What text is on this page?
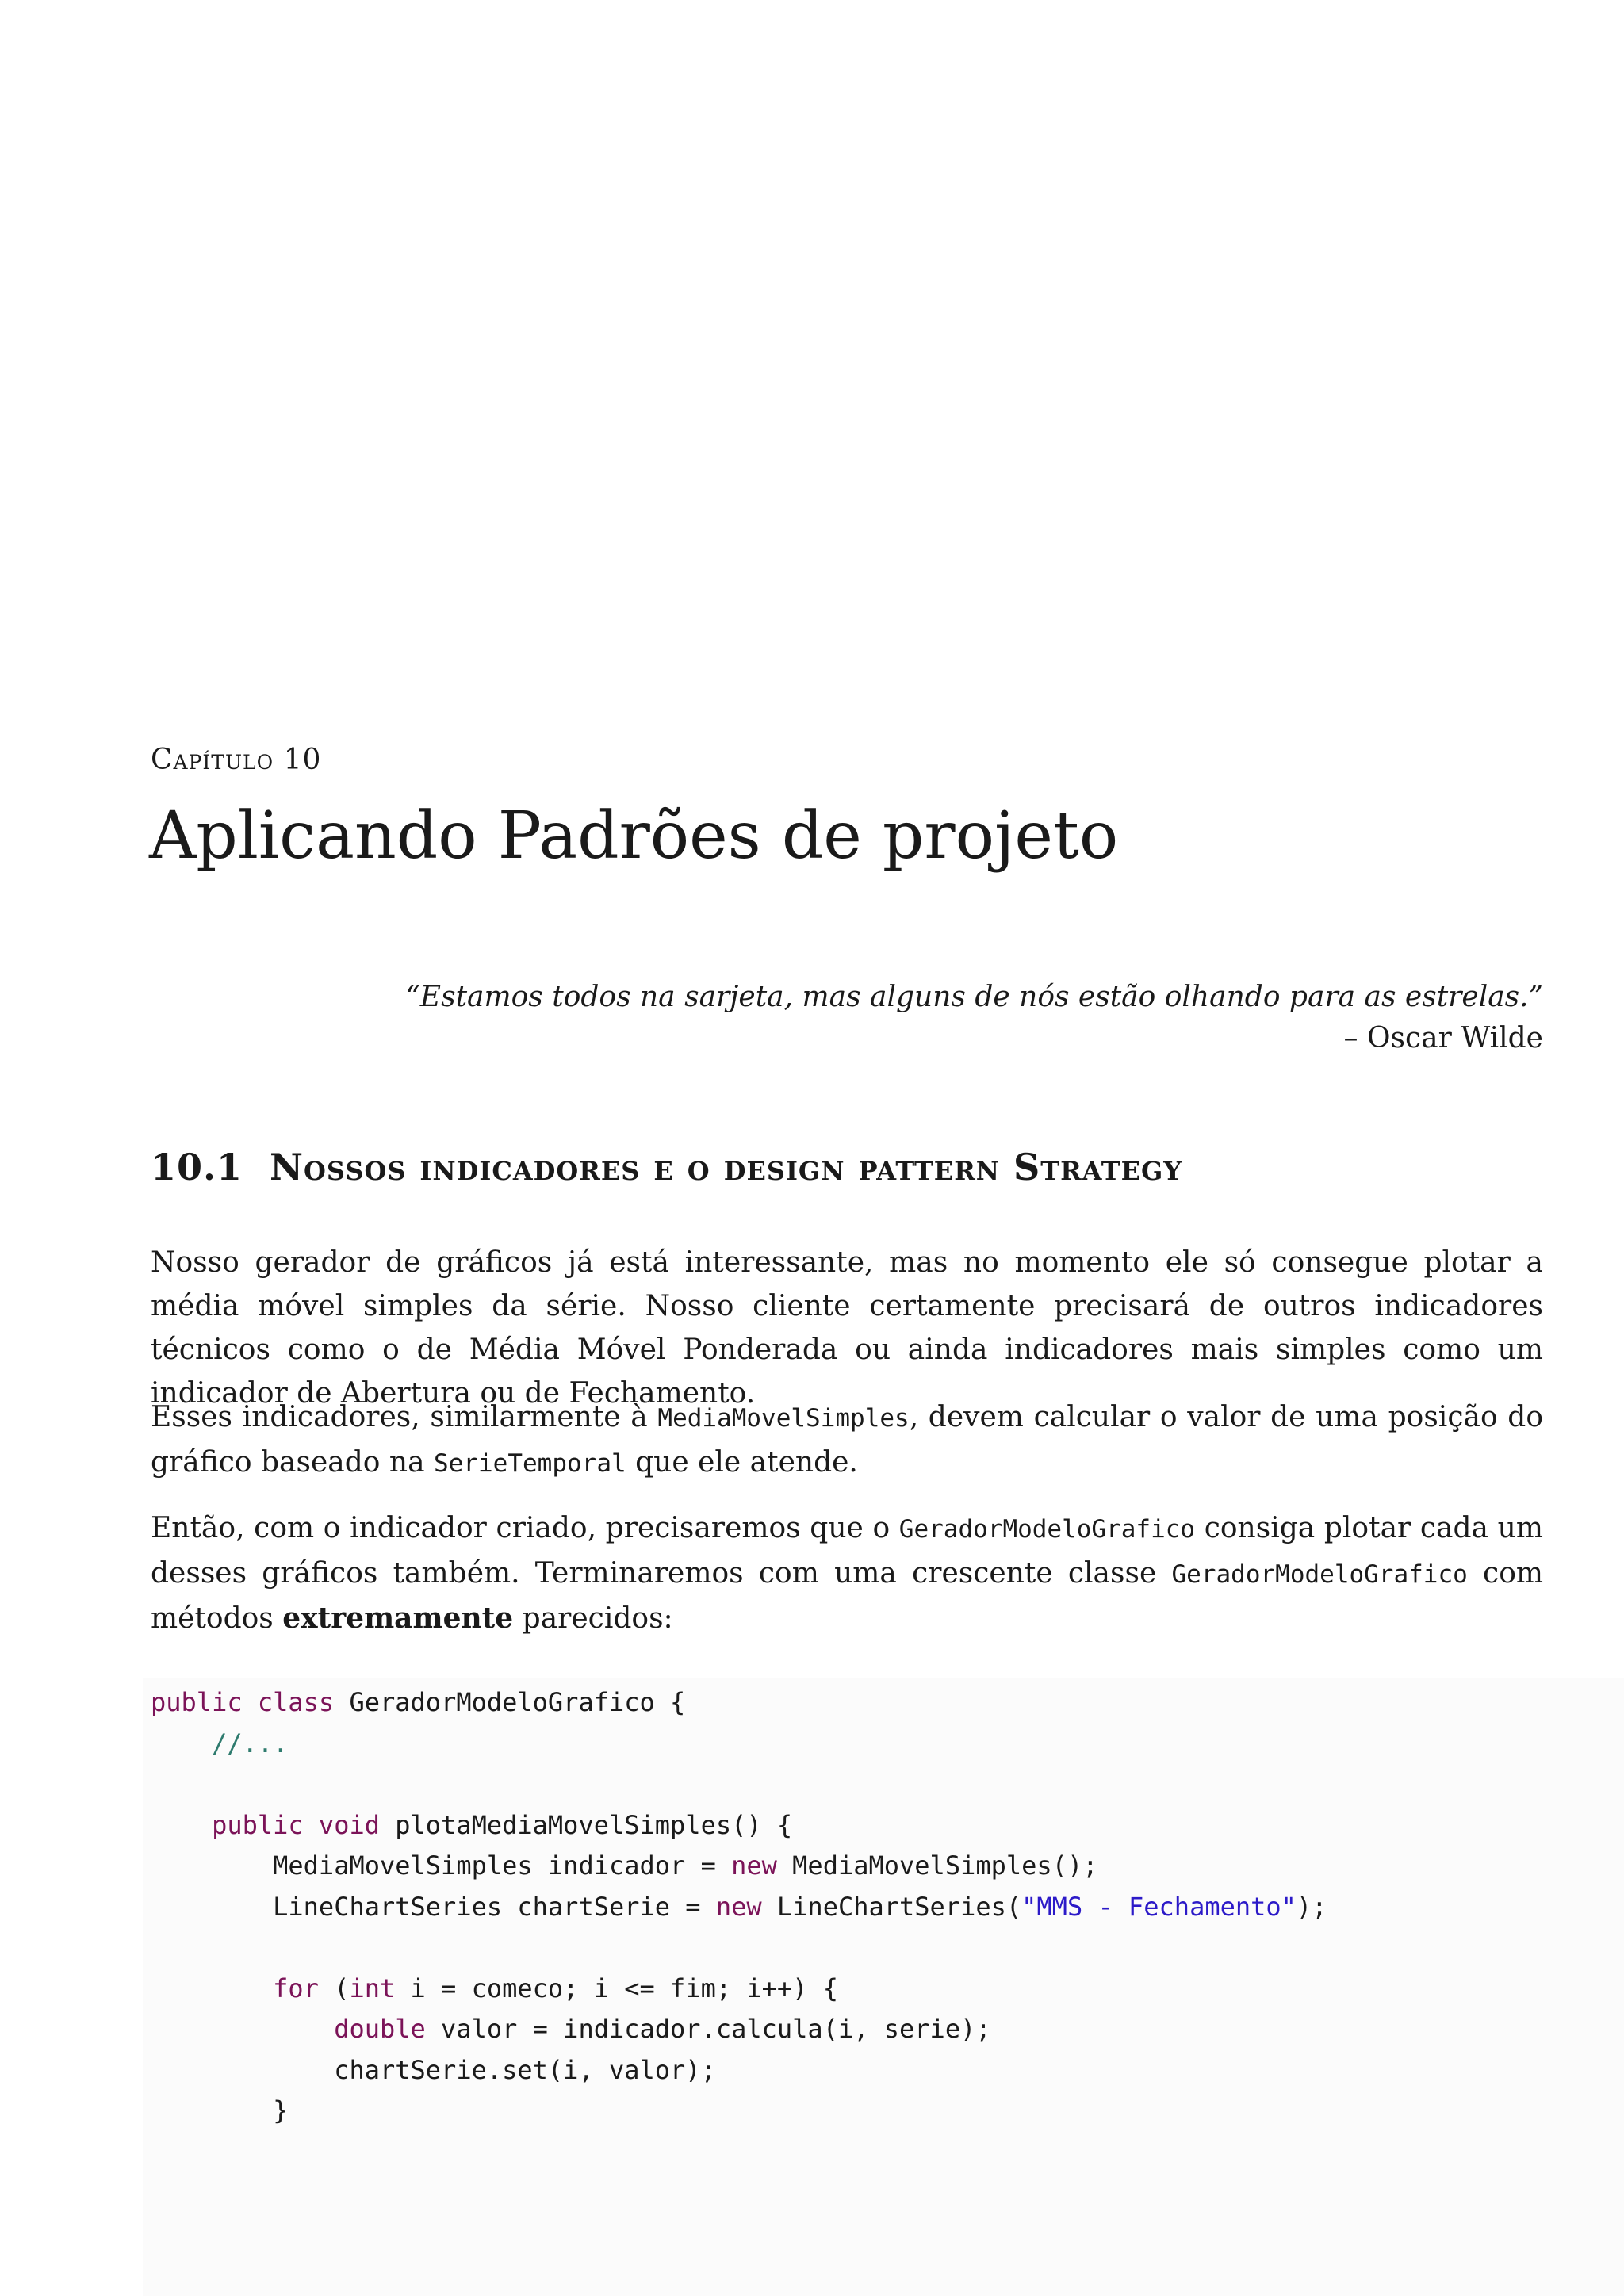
Capítulo 10
Aplicando Padrões de projeto
“Estamos todos na sarjeta, mas alguns de nós estão olhando para as estrelas.”
– Oscar Wilde
10.1 Nossos indicadores e o design pattern Strategy

Nosso gerador de gráficos já está interessante, mas no momento ele só consegue plotar a média móvel simples da série. Nosso cliente certamente precisará de outros indicadores técnicos como o de Média Móvel Ponderada ou ainda indicadores mais simples como um indicador de Abertura ou de Fechamento.

Esses indicadores, similarmente à MediaMovelSimples, devem calcular o valor de uma posição do gráfico baseado na SerieTemporal que ele atende.

Então, com o indicador criado, precisaremos que o GeradorModeloGrafico consiga plotar cada um desses gráficos também. Terminaremos com uma crescente classe GeradorModeloGrafico com métodos extremamente parecidos:

public class GeradorModeloGrafico {
//...
public void plotaMediaMovelSimples() {
MediaMovelSimples indicador = new MediaMovelSimples();
LineChartSeries chartSerie = new LineChartSeries("MMS - Fechamento");
for (int i = comeco; i <= fim; i++) {
double valor = indicador.calcula(i, serie);
chartSerie.set(i, valor);
}
